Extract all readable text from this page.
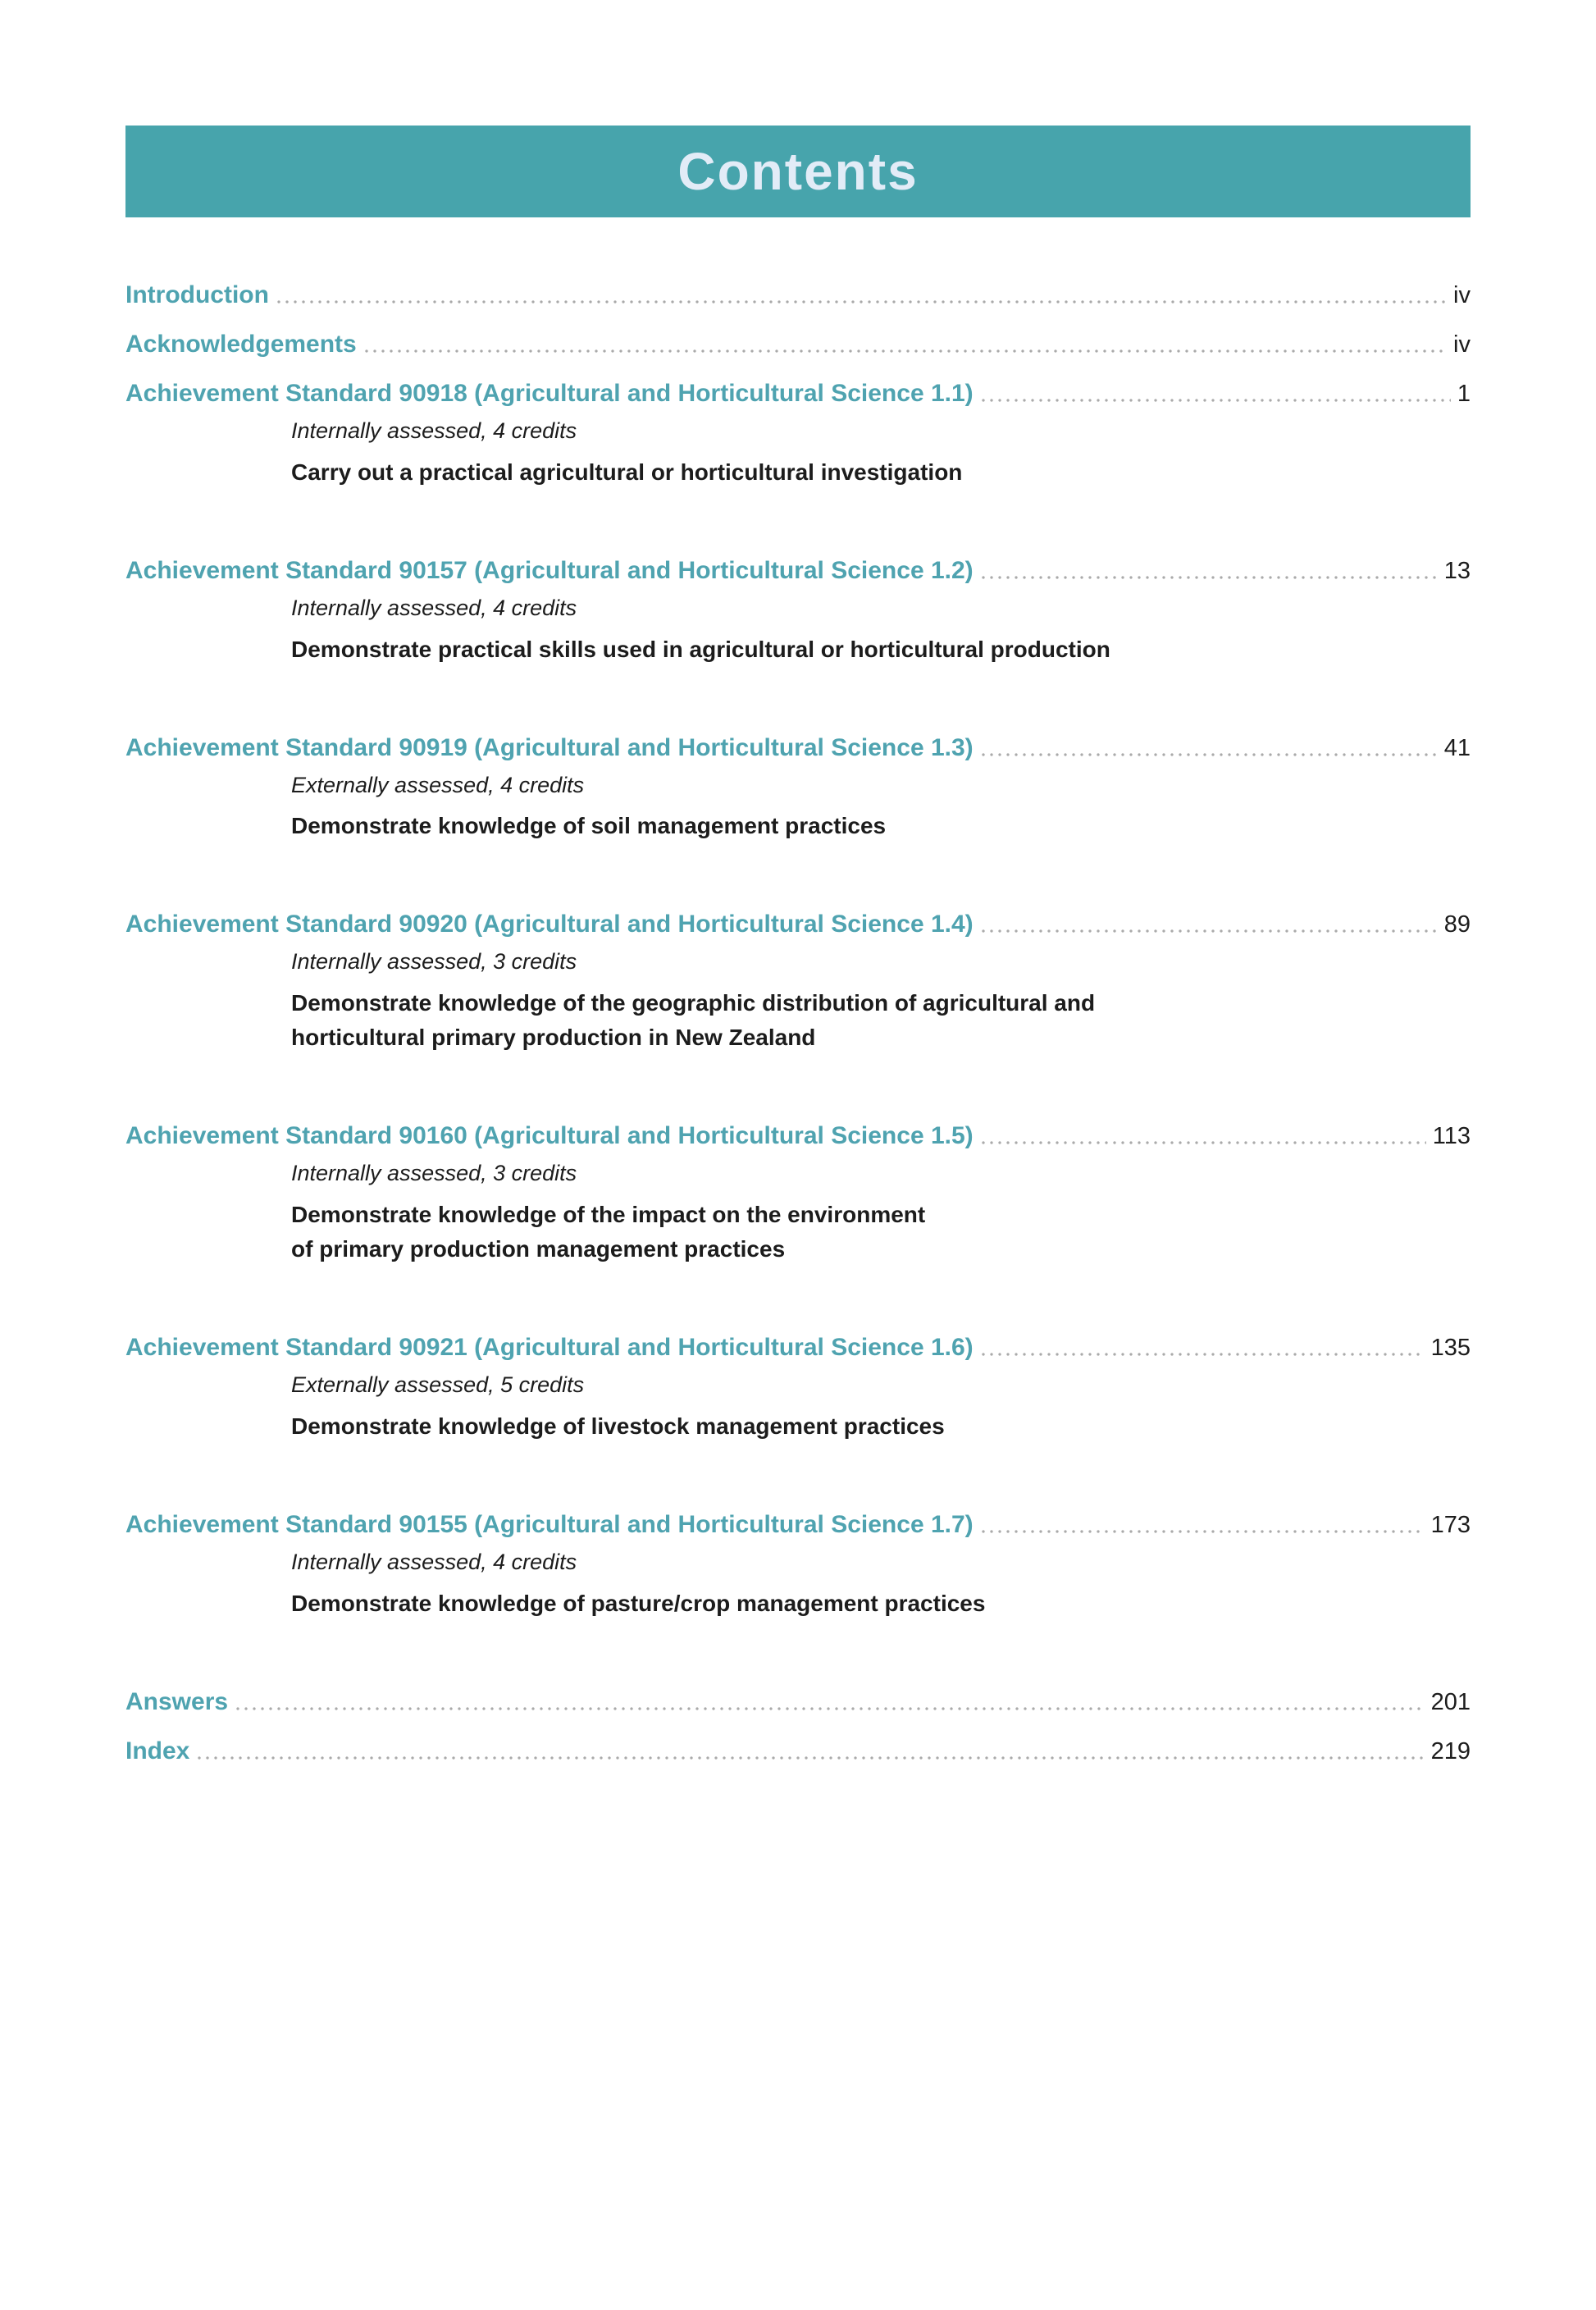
Contents
Introduction	iv
Acknowledgements	iv
Achievement Standard 90918 (Agricultural and Horticultural Science 1.1)	1
Internally assessed, 4 credits
Carry out a practical agricultural or horticultural investigation
Achievement Standard 90157 (Agricultural and Horticultural Science 1.2)	13
Internally assessed, 4 credits
Demonstrate practical skills used in agricultural or horticultural production
Achievement Standard 90919 (Agricultural and Horticultural Science 1.3)	41
Externally assessed, 4 credits
Demonstrate knowledge of soil management practices
Achievement Standard 90920 (Agricultural and Horticultural Science 1.4)	89
Internally assessed, 3 credits
Demonstrate knowledge of the geographic distribution of agricultural and
horticultural primary production in New Zealand
Achievement Standard 90160 (Agricultural and Horticultural Science 1.5)	113
Internally assessed, 3 credits
Demonstrate knowledge of the impact on the environment
of primary production management practices
Achievement Standard 90921 (Agricultural and Horticultural Science 1.6)	135
Externally assessed, 5 credits
Demonstrate knowledge of livestock management practices
Achievement Standard 90155 (Agricultural and Horticultural Science 1.7)	173
Internally assessed, 4 credits
Demonstrate knowledge of pasture/crop management practices
Answers	201
Index	219
